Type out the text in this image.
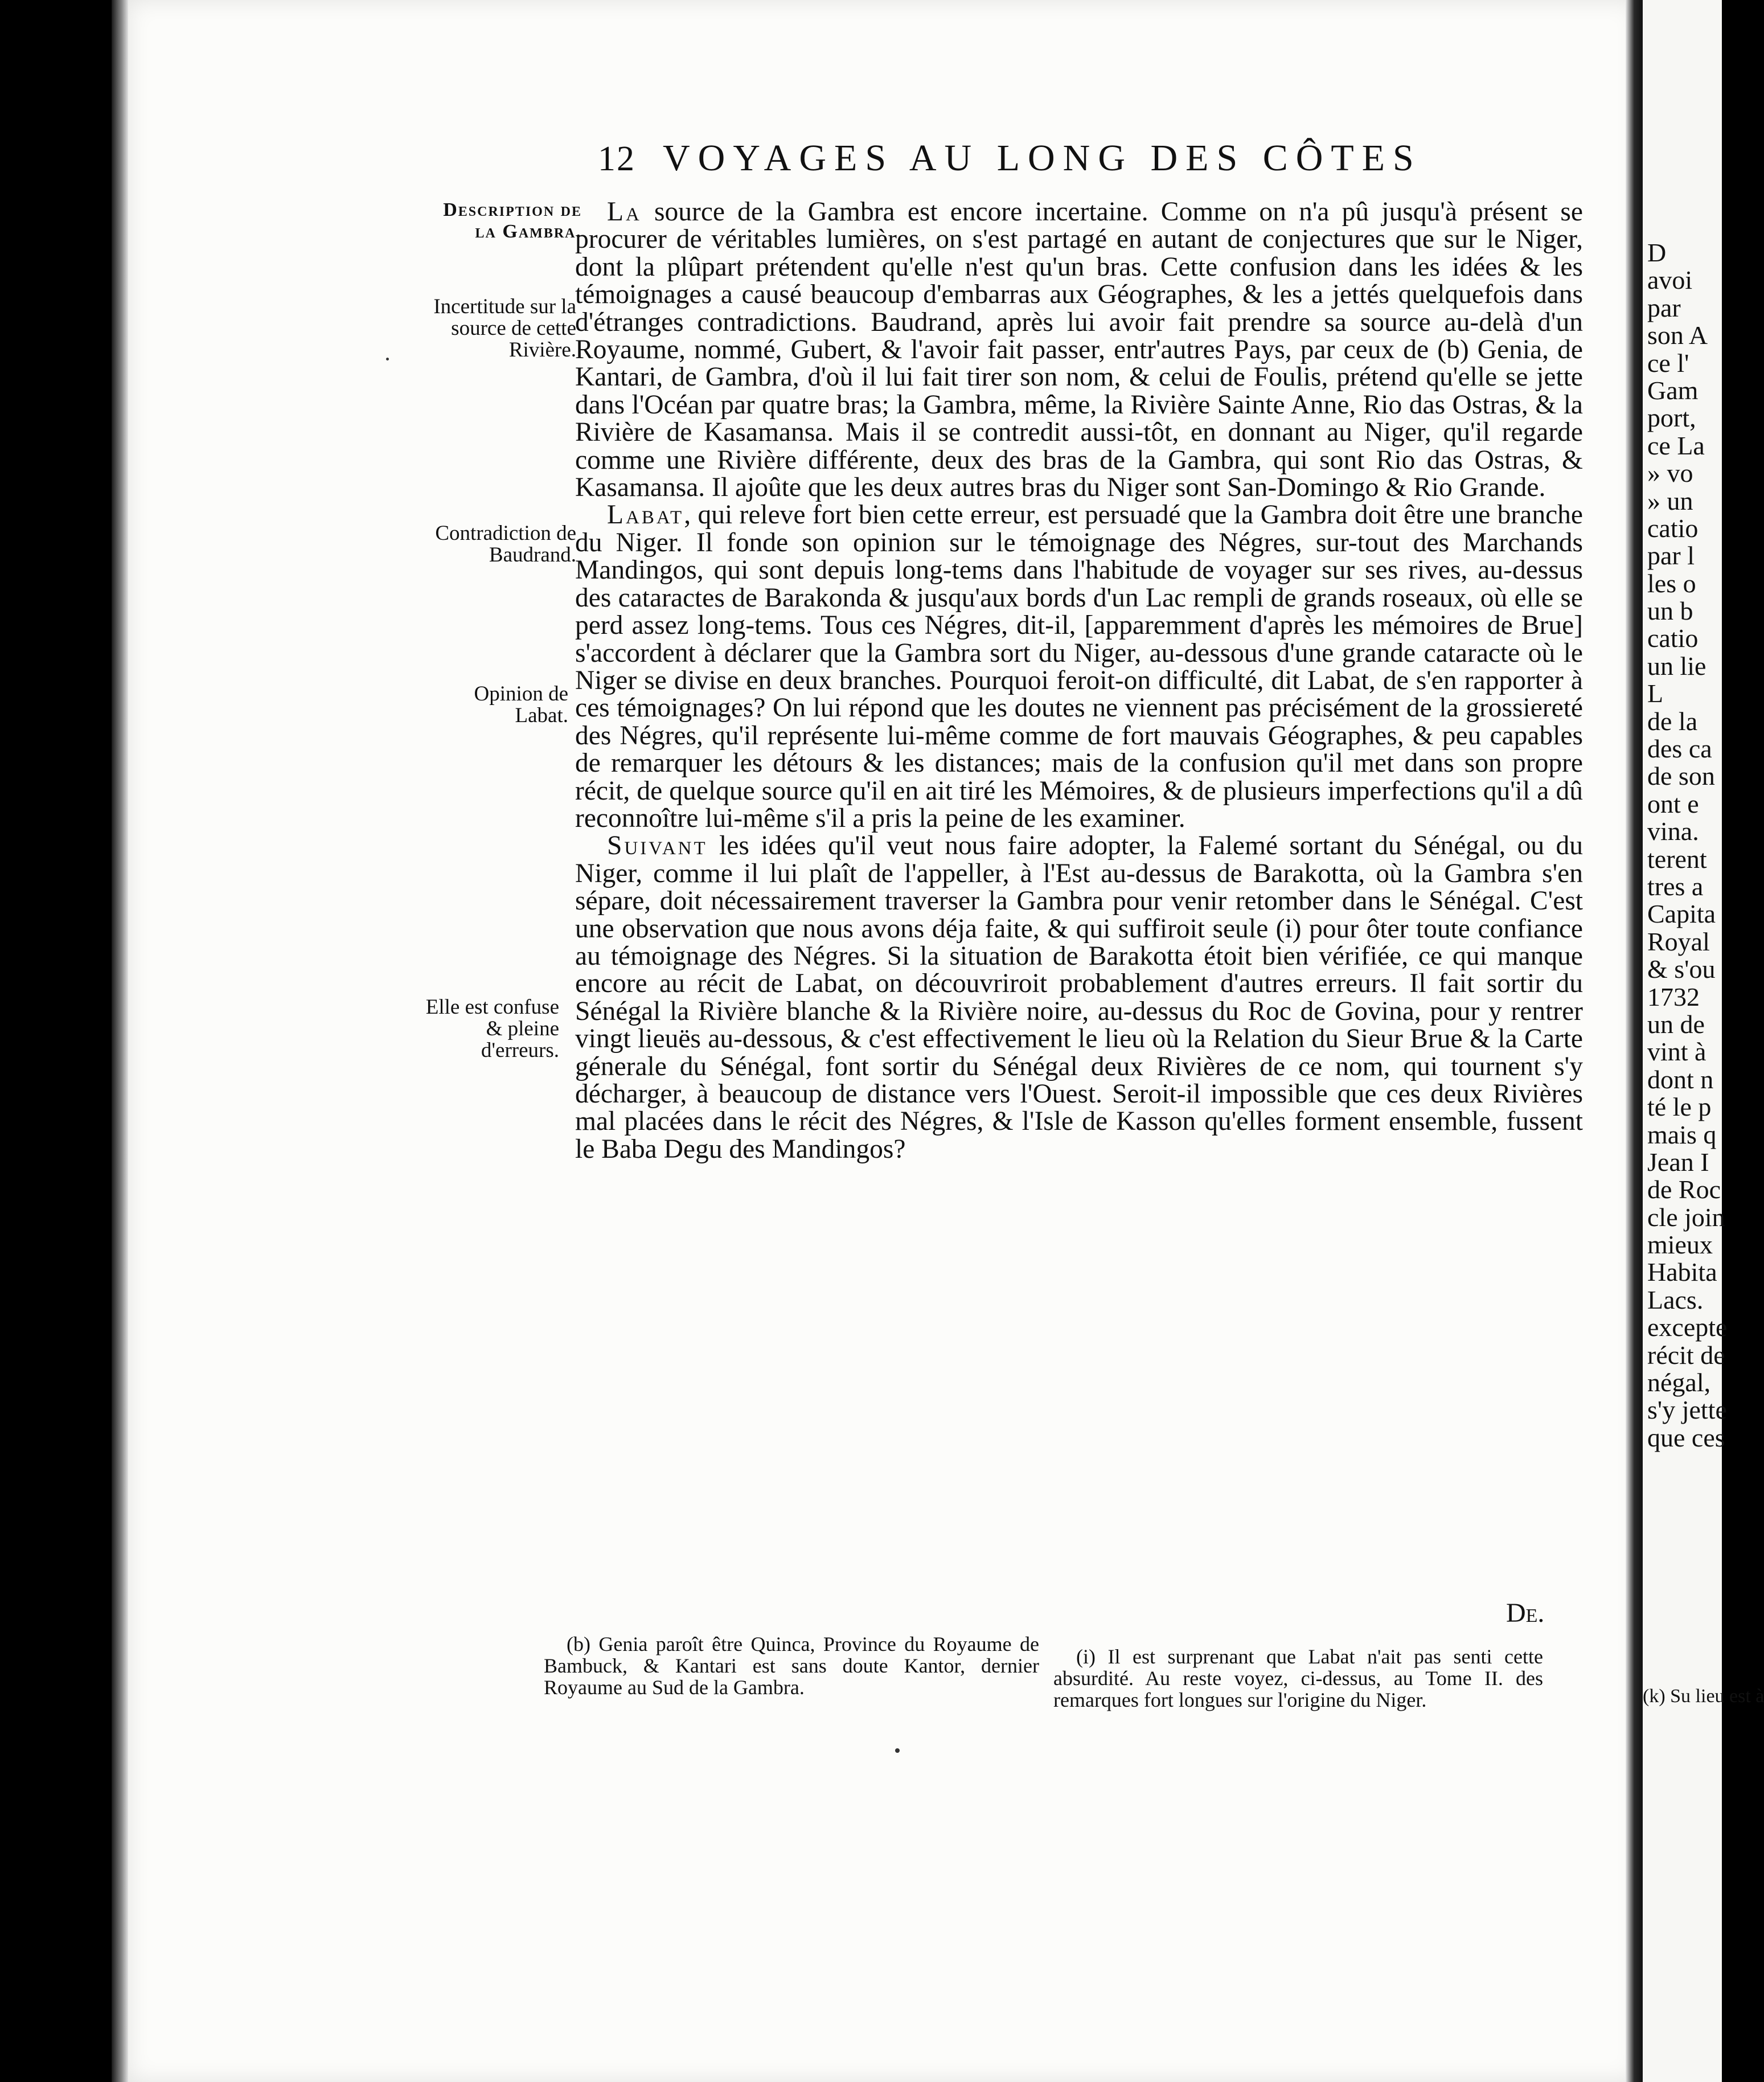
12 VOYAGES AU LONG DES CÔTES
Description de la Gambra.
Incertitude sur la source de cette Rivière.
Contradiction de Baudrand.
Opinion de Labat.
Elle est confuse & pleine d'erreurs.

La source de la Gambra est encore incertaine. Comme on n'a pû jusqu'à présent se procurer de véritables lumières, on s'est partagé en autant de conjectures que sur le Niger, dont la plûpart prétendent qu'elle n'est qu'un bras. Cette confusion dans les idées & les témoignages a causé beaucoup d'embarras aux Géographes, & les a jettés quelquefois dans d'étranges contradictions. Baudrand, après lui avoir fait prendre sa source au-delà d'un Royaume, nommé, Gubert, & l'avoir fait passer, entr'autres Pays, par ceux de (b) Genia, de Kantari, de Gambra, d'où il lui fait tirer son nom, & celui de Foulis, prétend qu'elle se jette dans l'Océan par quatre bras; la Gambra, même, la Rivière Sainte Anne, Rio das Ostras, & la Rivière de Kasamansa. Mais il se contredit aussi-tôt, en donnant au Niger, qu'il regarde comme une Rivière différente, deux des bras de la Gambra, qui sont Rio das Ostras, & Kasamansa. Il ajoûte que les deux autres bras du Niger sont San-Domingo & Rio Grande.

Labat, qui releve fort bien cette erreur, est persuadé que la Gambra doit être une branche du Niger. Il fonde son opinion sur le témoignage des Négres, sur-tout des Marchands Mandingos, qui sont depuis long-tems dans l'habitude de voyager sur ses rives, au-dessus des cataractes de Barakonda & jusqu'aux bords d'un Lac rempli de grands roseaux, où elle se perd assez long-tems. Tous ces Négres, dit-il, [apparemment d'après les mémoires de Brue] s'accordent à déclarer que la Gambra sort du Niger, au-dessous d'une grande cataracte où le Niger se divise en deux branches. Pourquoi feroit-on difficulté, dit Labat, de s'en rapporter à ces témoignages? On lui répond que les doutes ne viennent pas précisément de la grossiereté des Négres, qu'il représente lui-même comme de fort mauvais Géographes, & peu capables de remarquer les détours & les distances; mais de la confusion qu'il met dans son propre récit, de quelque source qu'il en ait tiré les Mémoires, & de plusieurs imperfections qu'il a dû reconnoître lui-même s'il a pris la peine de les examiner.

Suivant les idées qu'il veut nous faire adopter, la Falemé sortant du Sénégal, ou du Niger, comme il lui plaît de l'appeller, à l'Est au-dessus de Barakotta, où la Gambra s'en sépare, doit nécessairement traverser la Gambra pour venir retomber dans le Sénégal. C'est une observation que nous avons déja faite, & qui suffiroit seule (i) pour ôter toute confiance au témoignage des Négres. Si la situation de Barakotta étoit bien vérifiée, ce qui manque encore au récit de Labat, on découvriroit probablement d'autres erreurs. Il fait sortir du Sénégal la Rivière blanche & la Rivière noire, au-dessus du Roc de Govina, pour y rentrer vingt lieuës au-dessous, & c'est effectivement le lieu où la Relation du Sieur Brue & la Carte génerale du Sénégal, font sortir du Sénégal deux Rivières de ce nom, qui tournent s'y décharger, à beaucoup de distance vers l'Ouest. Seroit-il impossible que ces deux Rivières mal placées dans le récit des Négres, & l'Isle de Kasson qu'elles forment ensemble, fussent le Baba Degu des Mandingos?

De.
(b) Genia paroît être Quinca, Province du Royaume de Bambuck, & Kantari est sans doute Kantor, dernier Royaume au Sud de la Gambra.
(i) Il est surprenant que Labat n'ait pas senti cette absurdité. Au reste voyez, ci-dessus, au Tome II. des remarques fort longues sur l'origine du Niger.
D
avoi
par
son A
ce l'
Gam
port,
ce La
» vo
» un
catio
par l
les o
un b
catio
un lie
L
de la
des ca
de son
ont e
vina.
terent
tres a
Capita
Royal
& s'ou
1732
un de
vint à
dont n
té le p
mais q
Jean I
de Roc
cle join
mieux
Habita
Lacs.
excepte
récit de
négal,
s'y jette
que ces
(k) Su lieu est à
